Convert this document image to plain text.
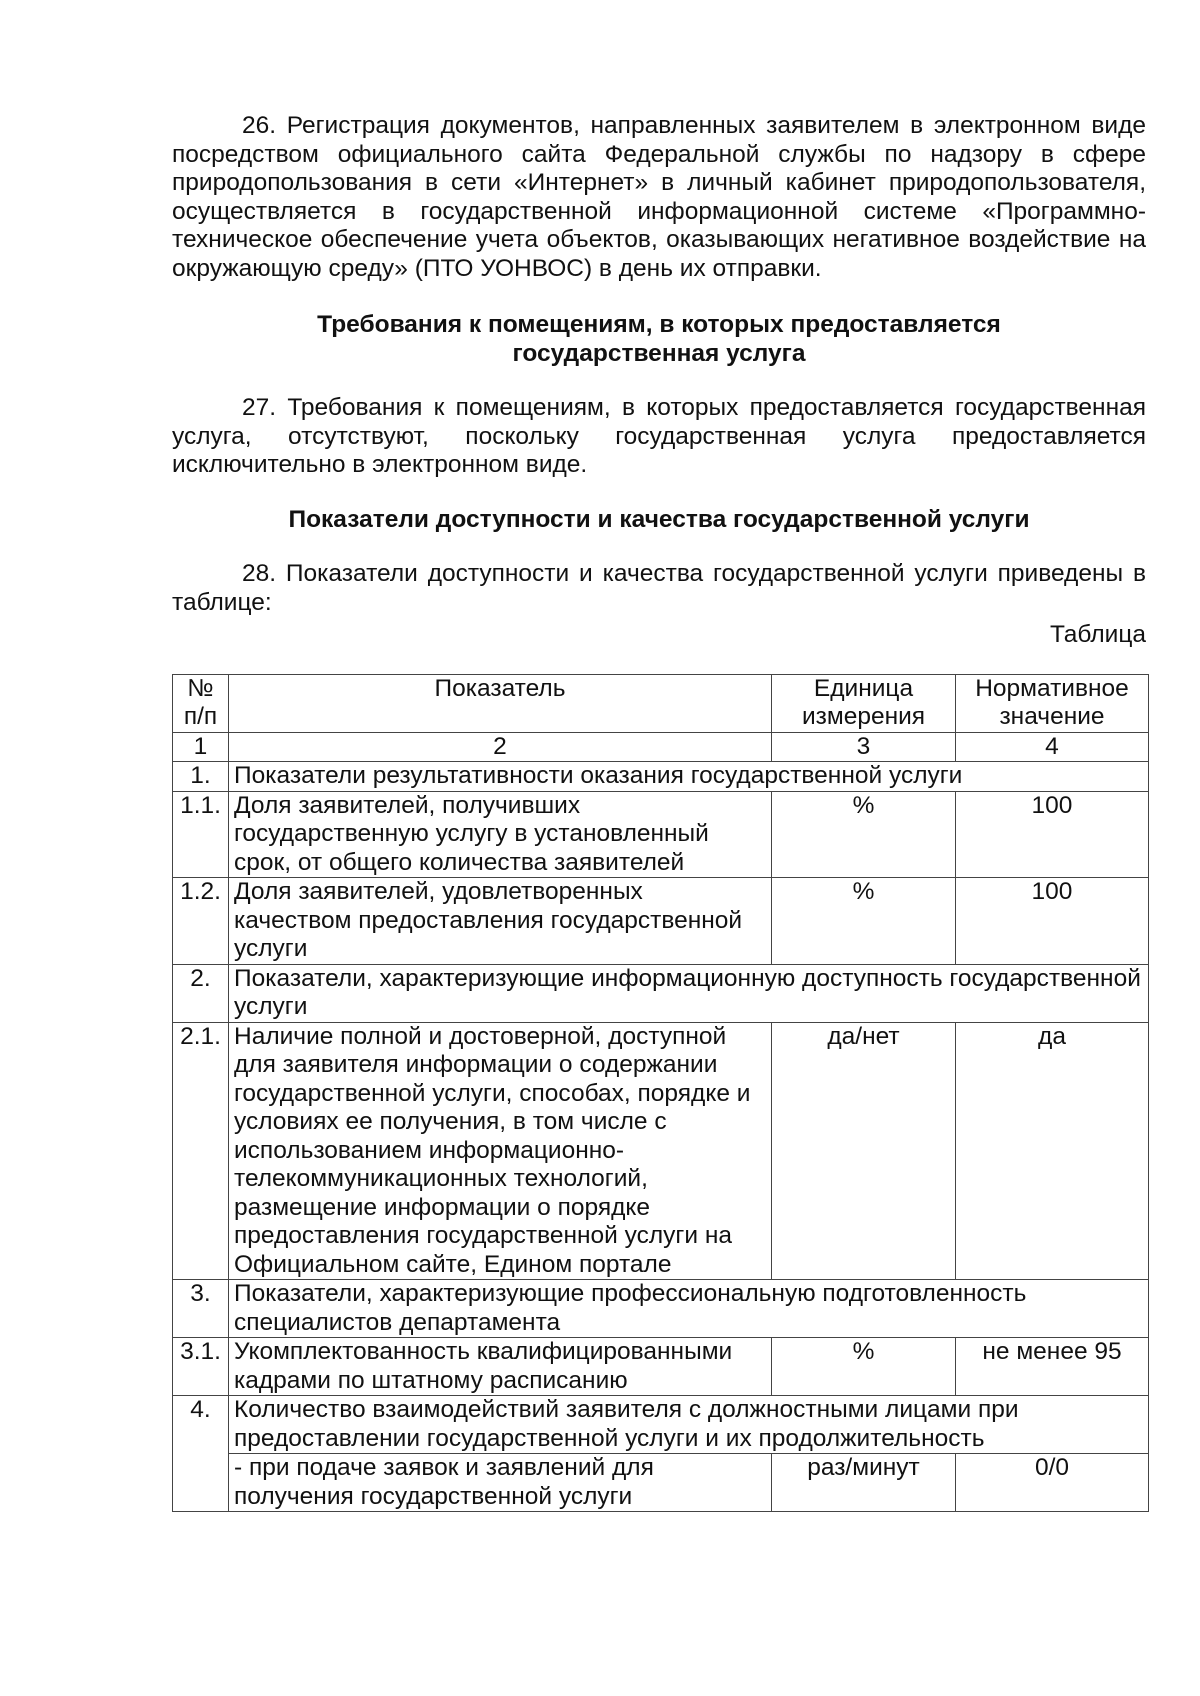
26. Регистрация документов, направленных заявителем в электронном виде посредством официального сайта Федеральной службы по надзору в сфере природопользования в сети «Интернет» в личный кабинет природопользователя, осуществляется в государственной информационной системе «Программно-техническое обеспечение учета объектов, оказывающих негативное воздействие на окружающую среду» (ПТО УОНВОС) в день их отправки.

Требования к помещениям, в которых предоставляется

государственная услуга

27. Требования к помещениям, в которых предоставляется государственная услуга, отсутствуют, поскольку государственная услуга предоставляется исключительно в электронном виде.

Показатели доступности и качества государственной услуги

28. Показатели доступности и качества государственной услуги приведены в таблице:

Таблица

№ п/п	Показатель	Единица измерения	Нормативное значение
1	2	3	4
1.	Показатели результативности оказания государственной услуги		
1.1.	Доля заявителей, получивших государственную услугу в установленный срок, от общего количества заявителей	%	100
1.2.	Доля заявителей, удовлетворенных качеством предоставления государственной услуги	%	100
2.	Показатели, характеризующие информационную доступность государственной услуги		
2.1.	Наличие полной и достоверной, доступной для заявителя информации о содержании государственной услуги, способах, порядке и условиях ее получения, в том числе с использованием информационно-телекоммуникационных технологий, размещение информации о порядке предоставления государственной услуги на Официальном сайте, Едином портале	да/нет	да
3.	Показатели, характеризующие профессиональную подготовленность специалистов департамента		
3.1.	Укомплектованность квалифицированными кадрами по штатному расписанию	%	не менее 95
4.	Количество взаимодействий заявителя с должностными лицами при предоставлении государственной услуги и их продолжительность		
	- при подаче заявок и заявлений для получения государственной услуги	раз/минут	0/0
